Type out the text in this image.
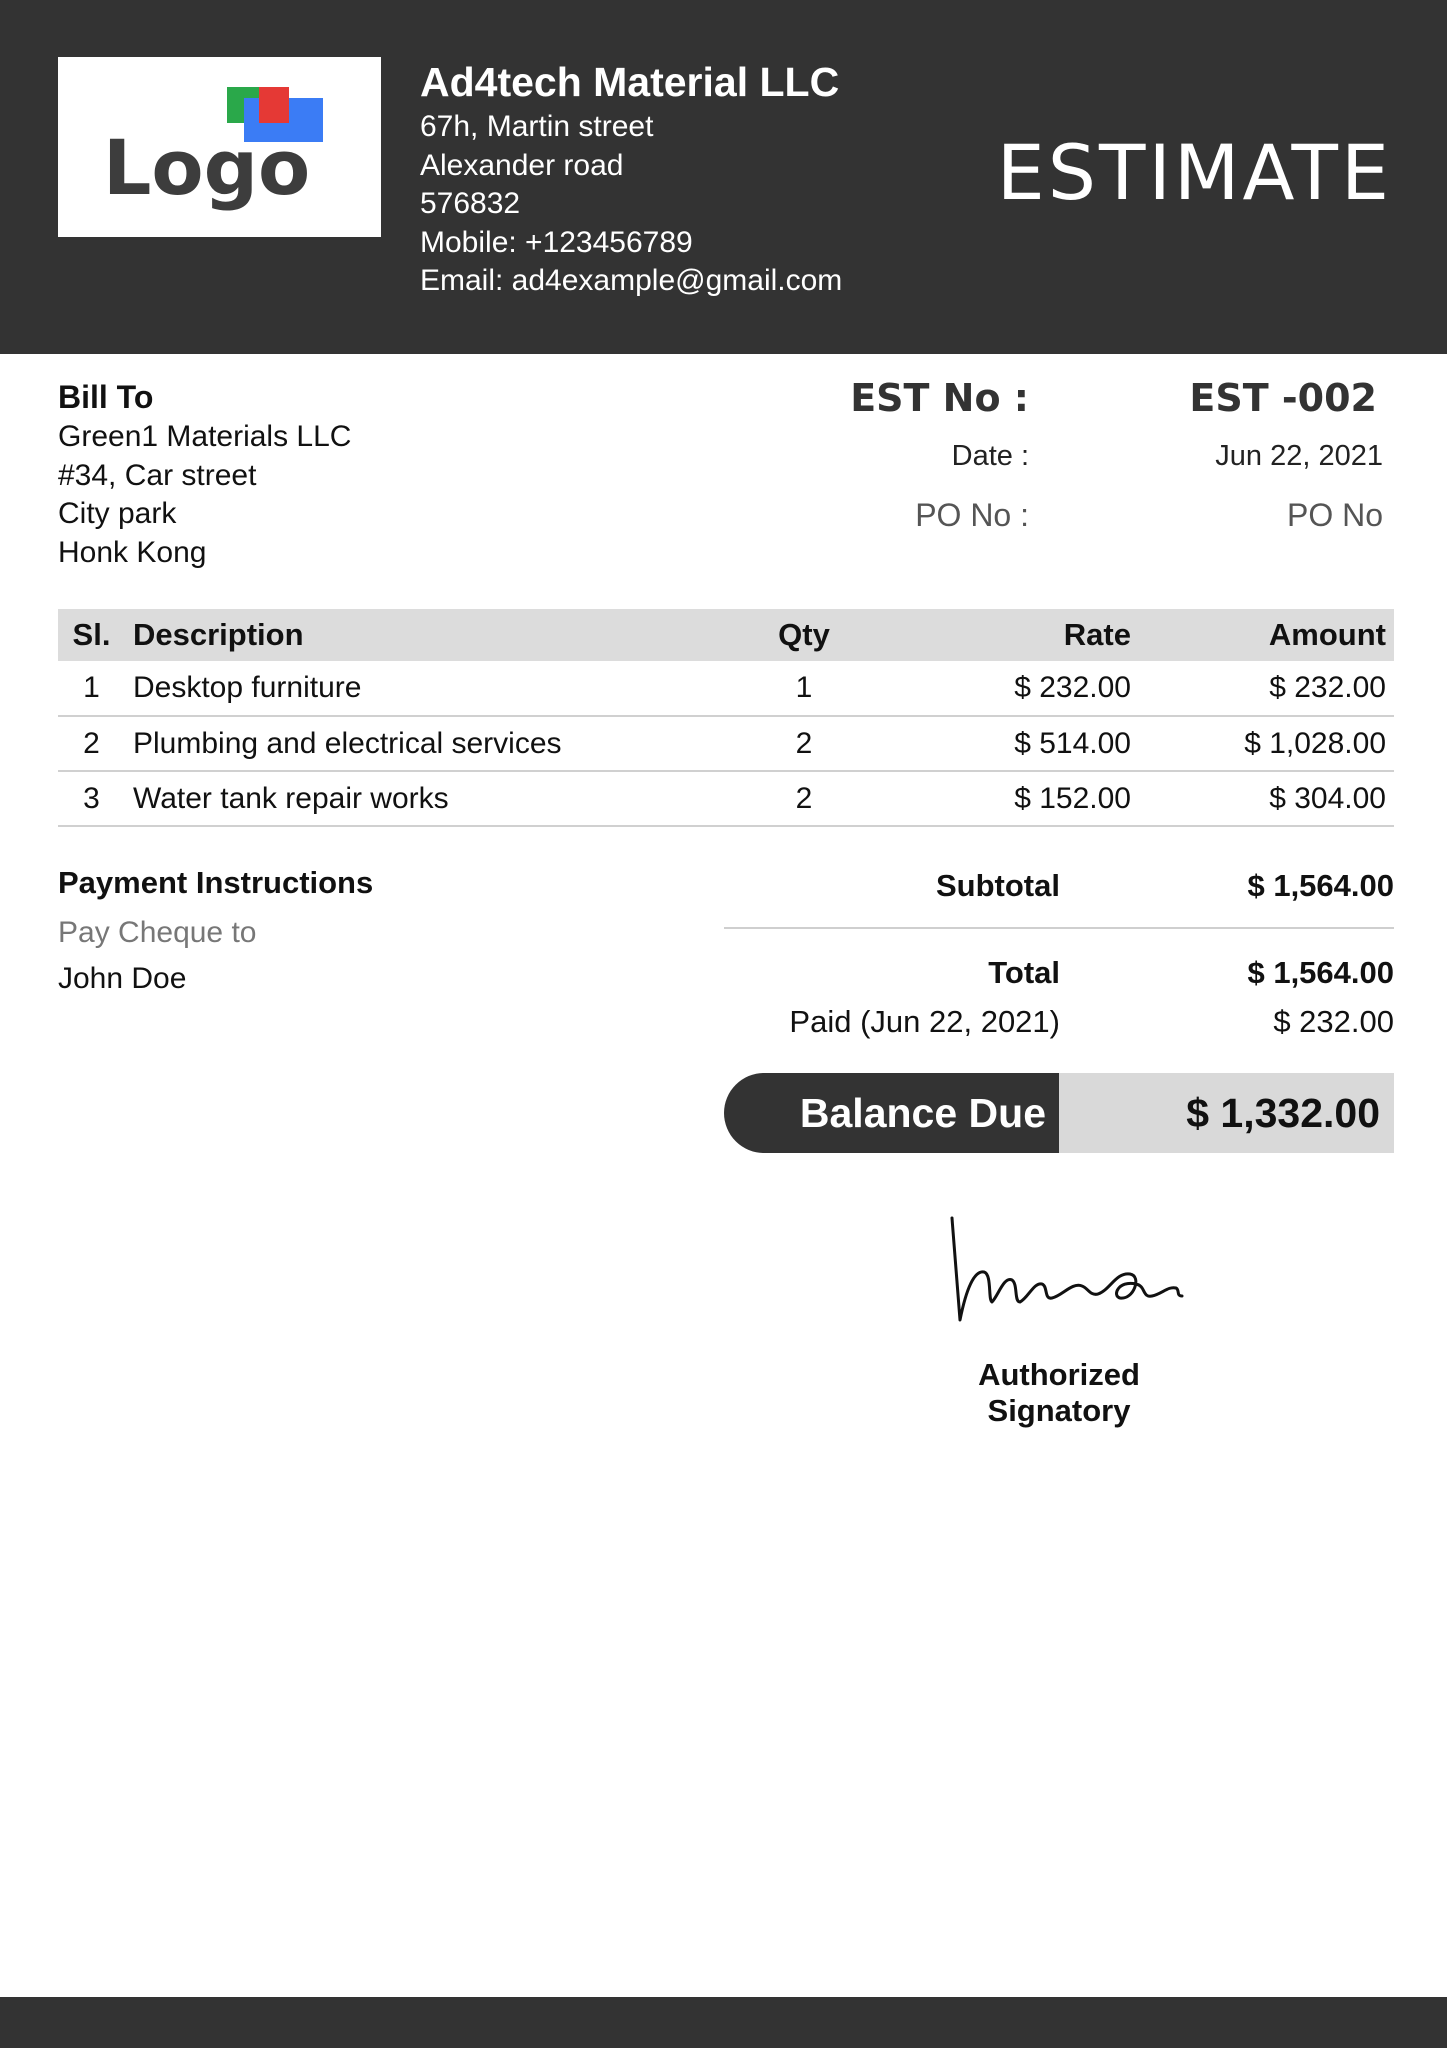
Logo
Ad4tech Material LLC
67h, Martin street
Alexander road
576832
Mobile: +123456789
Email: ad4example@gmail.com
ESTIMATE
Bill To
Green1 Materials LLC
#34, Car street
City park
Honk Kong
EST No :	EST -002
Date :	Jun 22, 2021
PO No :	PO No
Sl.	Description	Qty	Rate	Amount
1	Desktop furniture	1	$ 232.00	$ 232.00
2	Plumbing and electrical services	2	$ 514.00	$ 1,028.00
3	Water tank repair works	2	$ 152.00	$ 304.00
Payment Instructions
Pay Cheque to
John Doe
Subtotal	$ 1,564.00
Total	$ 1,564.00
Paid (Jun 22, 2021)	$ 232.00
Balance Due	$ 1,332.00
Authorized Signatory
